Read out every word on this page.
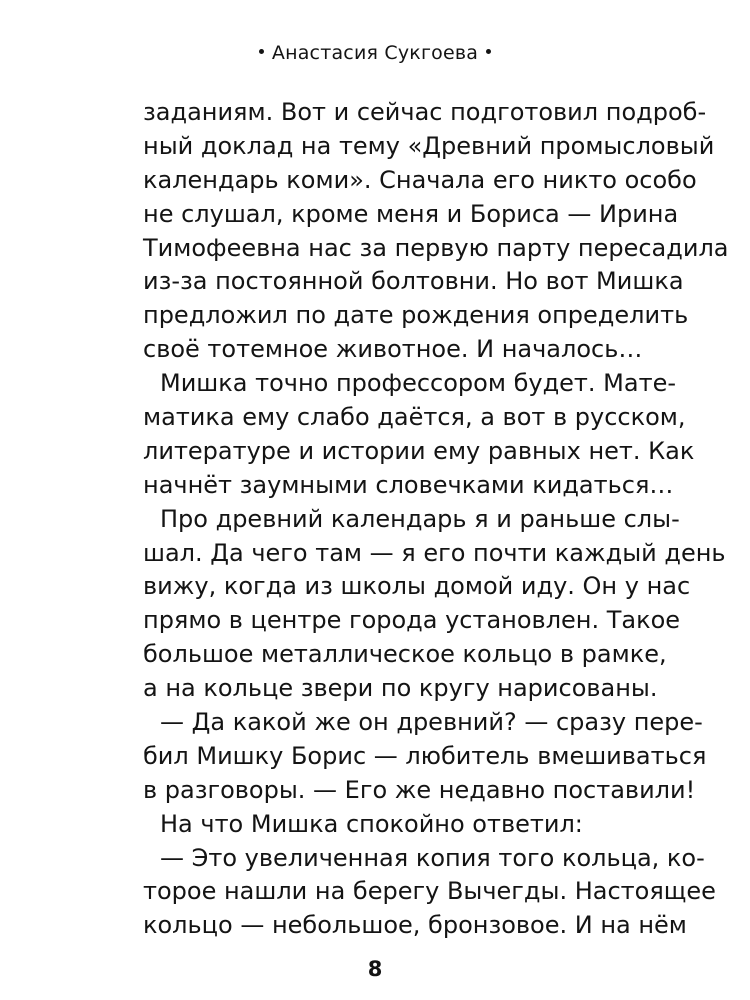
Анастасия Сукгоева
заданиям. Вот и сейчас подготовил подроб-
ный доклад на тему «Древний промысловый
календарь коми». Сначала его никто особо
не слушал, кроме меня и Бориса — Ирина
Тимофеевна нас за первую парту пересадила
из-за постоянной болтовни. Но вот Мишка
предложил по дате рождения определить
своё тотемное животное. И началось…
Мишка точно профессором будет. Мате-
матика ему слабо даётся, а вот в русском,
литературе и истории ему равных нет. Как
начнёт заумными словечками кидаться…
Про древний календарь я и раньше слы-
шал. Да чего там — я его почти каждый день
вижу, когда из школы домой иду. Он у нас
прямо в центре города установлен. Такое
большое металлическое кольцо в рамке,
а на кольце звери по кругу нарисованы.
— Да какой же он древний? — сразу пере-
бил Мишку Борис — любитель вмешиваться
в разговоры. — Его же недавно поставили!
На что Мишка спокойно ответил:
— Это увеличенная копия того кольца, ко-
торое нашли на берегу Вычегды. Настоящее
кольцо — небольшое, бронзовое. И на нём
8
